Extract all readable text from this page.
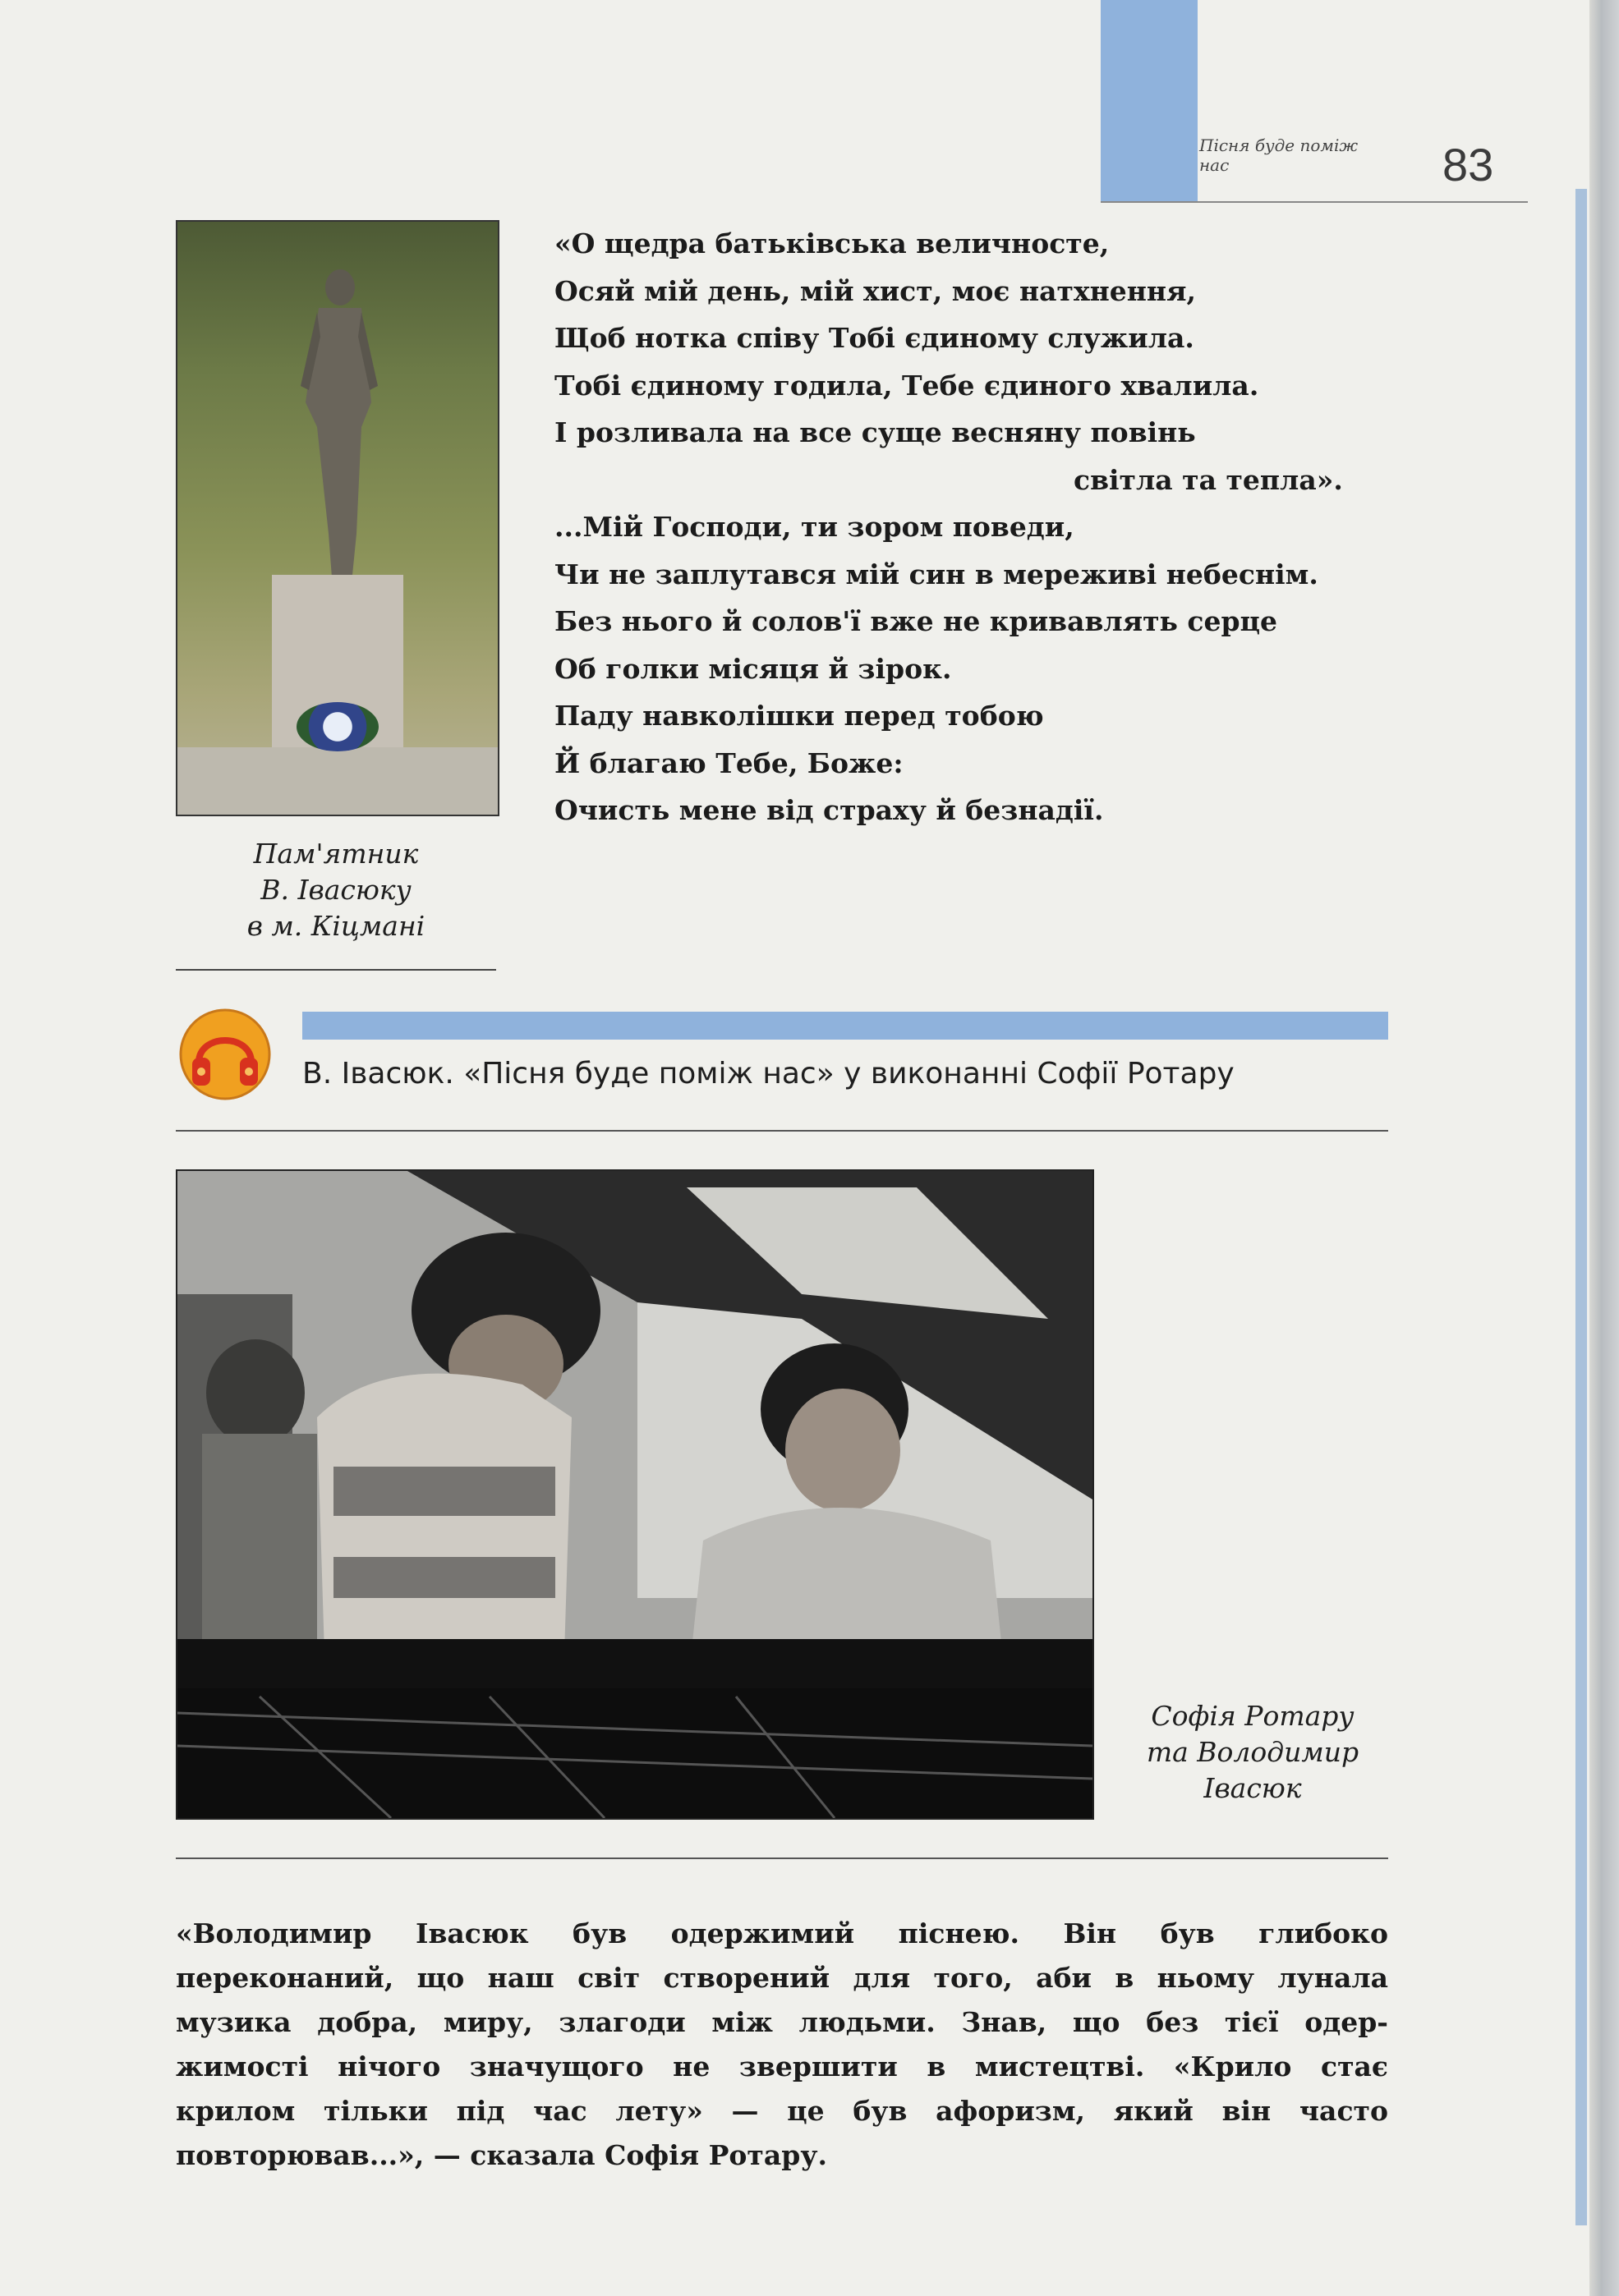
Пісня буде поміж нас	83
Пам'ятник
В. Івасюку
в м. Кіцмані
«О щедра батьківська величносте,
Осяй мій день, мій хист, моє натхнення,
Щоб нотка співу Тобі єдиному служила.
Тобі єдиному годила, Тебе єдиного хвалила.
І розливала на все суще весняну повінь
світла та тепла».
...Мій Господи, ти зором поведи,
Чи не заплутався мій син в мереживі небеснім.
Без нього й солов'ї вже не кривавлять серце
Об голки місяця й зірок.
Паду навколішки перед тобою
Й благаю Тебе, Боже:
Очисть мене від страху й безнадії.
В. Івасюк. «Пісня буде поміж нас» у виконанні Софії Ротару
Софія Ротару
та Володимир
Івасюк
«Володимир Івасюк був одержимий піснею. Він був глибоко
переконаний, що наш світ створений для того, аби в ньому лунала
музика добра, миру, злагоди між людьми. Знав, що без тієї одер-
жимості нічого значущого не звершити в мистецтві. «Крило стає
крилом тільки під час лету» — це був афоризм, який він часто
повторював...», — сказала Софія Ротару.
